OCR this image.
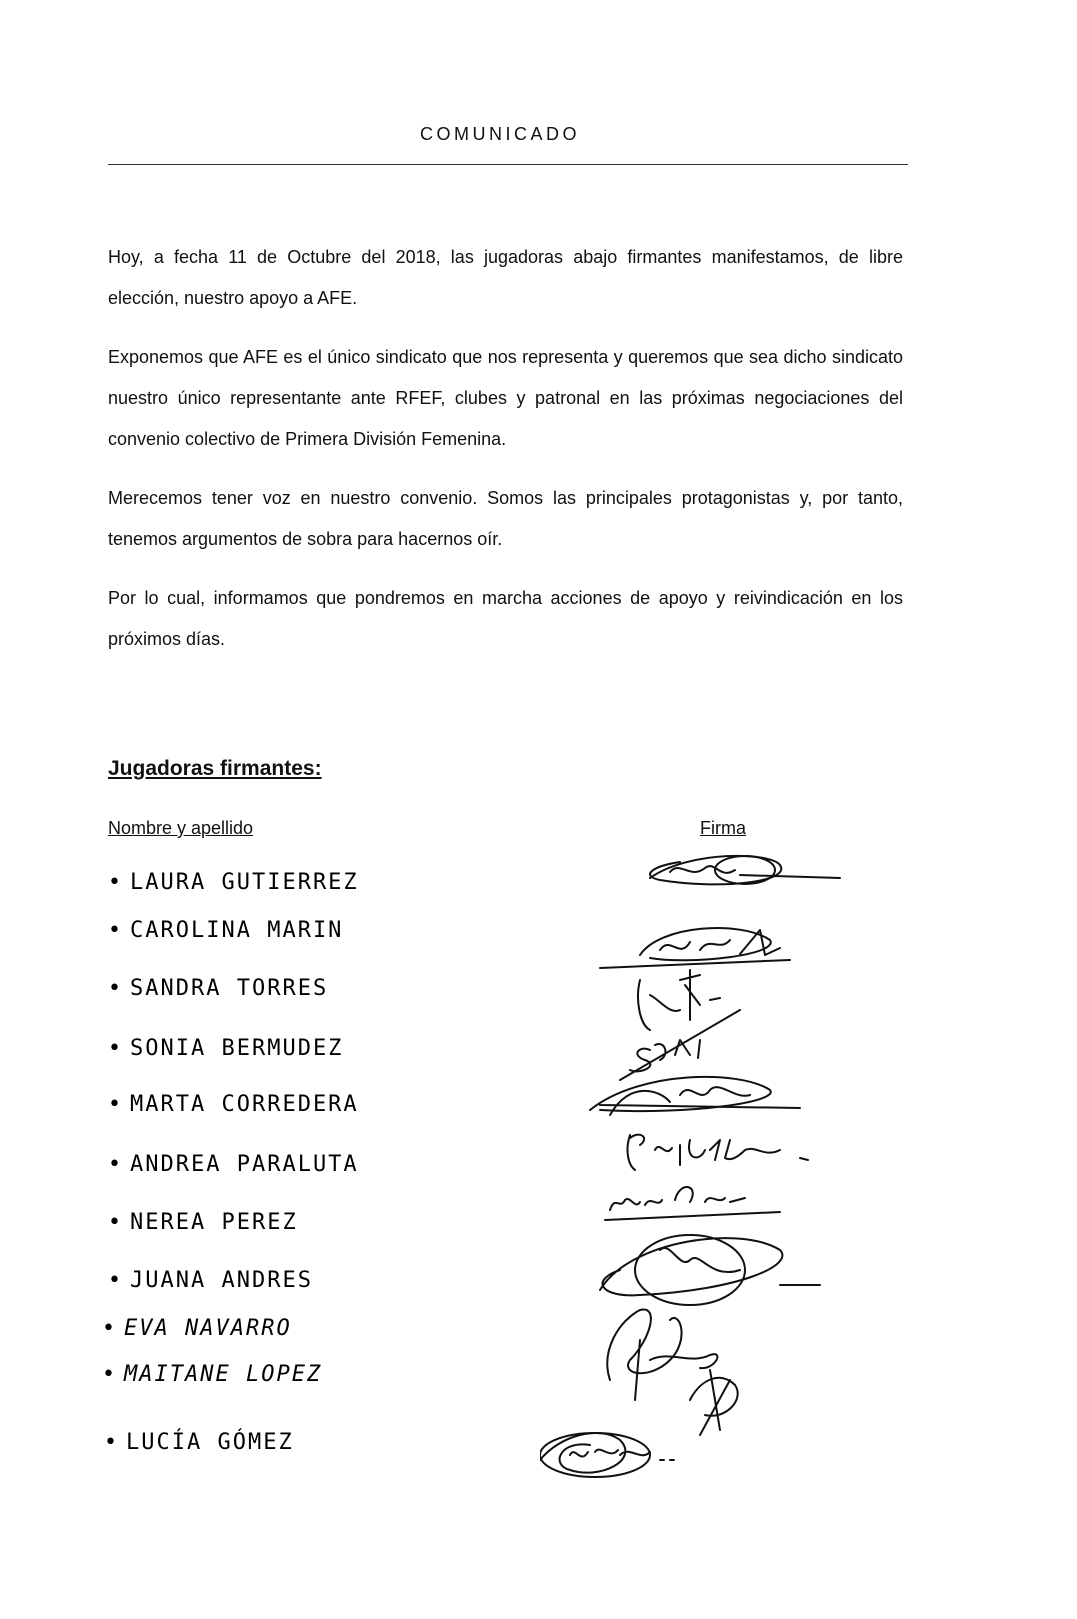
COMUNICADO

Hoy, a fecha 11 de Octubre del 2018, las jugadoras abajo firmantes manifestamos, de libre elección, nuestro apoyo a AFE.

Exponemos que AFE es el único sindicato que nos representa y queremos que sea dicho sindicato nuestro único representante ante RFEF, clubes y patronal en las próximas negociaciones del convenio colectivo de Primera División Femenina.

Merecemos tener voz en nuestro convenio. Somos las principales protagonistas y, por tanto, tenemos argumentos de sobra para hacernos oír.

Por lo cual, informamos que pondremos en marcha acciones de apoyo y reivindicación en los próximos días.

Jugadoras firmantes:
Nombre y apellido	Firma
• LAURA GUTIERREZ
• CAROLINA MARIN
• SANDRA TORRES
• SONIA BERMUDEZ
• MARTA CORREDERA
• ANDREA PARALUTA
• NEREA PEREZ
• JUANA ANDRES
• EVA NAVARRO
• MAITANE LOPEZ
• LUCÍA GÓMEZ
